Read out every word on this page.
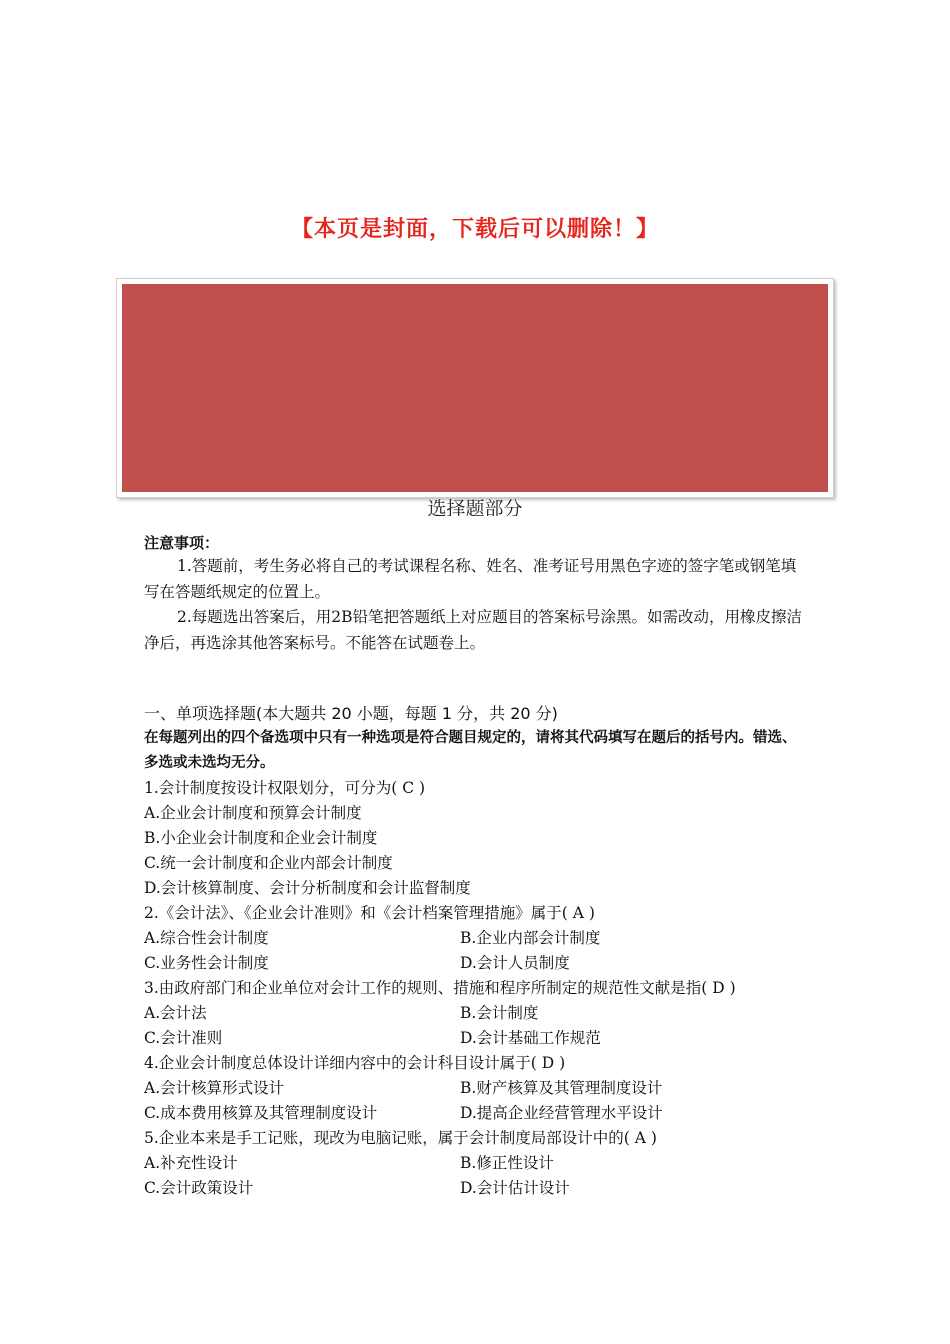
【本页是封面，下载后可以删除！】
选择题部分

注意事项：

1.答题前，考生务必将自己的考试课程名称、姓名、准考证号用黑色字迹的签字笔或钢笔填写在答题纸规定的位置上。

2.每题选出答案后，用2B铅笔把答题纸上对应题目的答案标号涂黑。如需改动，用橡皮擦洁净后，再选涂其他答案标号。不能答在试题卷上。

一、单项选择题(本大题共 20 小题，每题 1 分，共 20 分)

在每题列出的四个备选项中只有一种选项是符合题目规定的，请将其代码填写在题后的括号内。错选、多选或未选均无分。

1.会计制度按设计权限划分，可分为( C )

A.企业会计制度和预算会计制度

B.小企业会计制度和企业会计制度

C.统一会计制度和企业内部会计制度

D.会计核算制度、会计分析制度和会计监督制度

2.《会计法》、《企业会计准则》和《会计档案管理措施》属于( A )

A.综合性会计制度	B.企业内部会计制度
C.业务性会计制度	D.会计人员制度

3.由政府部门和企业单位对会计工作的规则、措施和程序所制定的规范性文献是指( D )

A.会计法	B.会计制度
C.会计准则	D.会计基础工作规范

4.企业会计制度总体设计详细内容中的会计科目设计属于( D )

A.会计核算形式设计	B.财产核算及其管理制度设计
C.成本费用核算及其管理制度设计	D.提高企业经营管理水平设计

5.企业本来是手工记账，现改为电脑记账，属于会计制度局部设计中的( A )

A.补充性设计	B.修正性设计
C.会计政策设计	D.会计估计设计
